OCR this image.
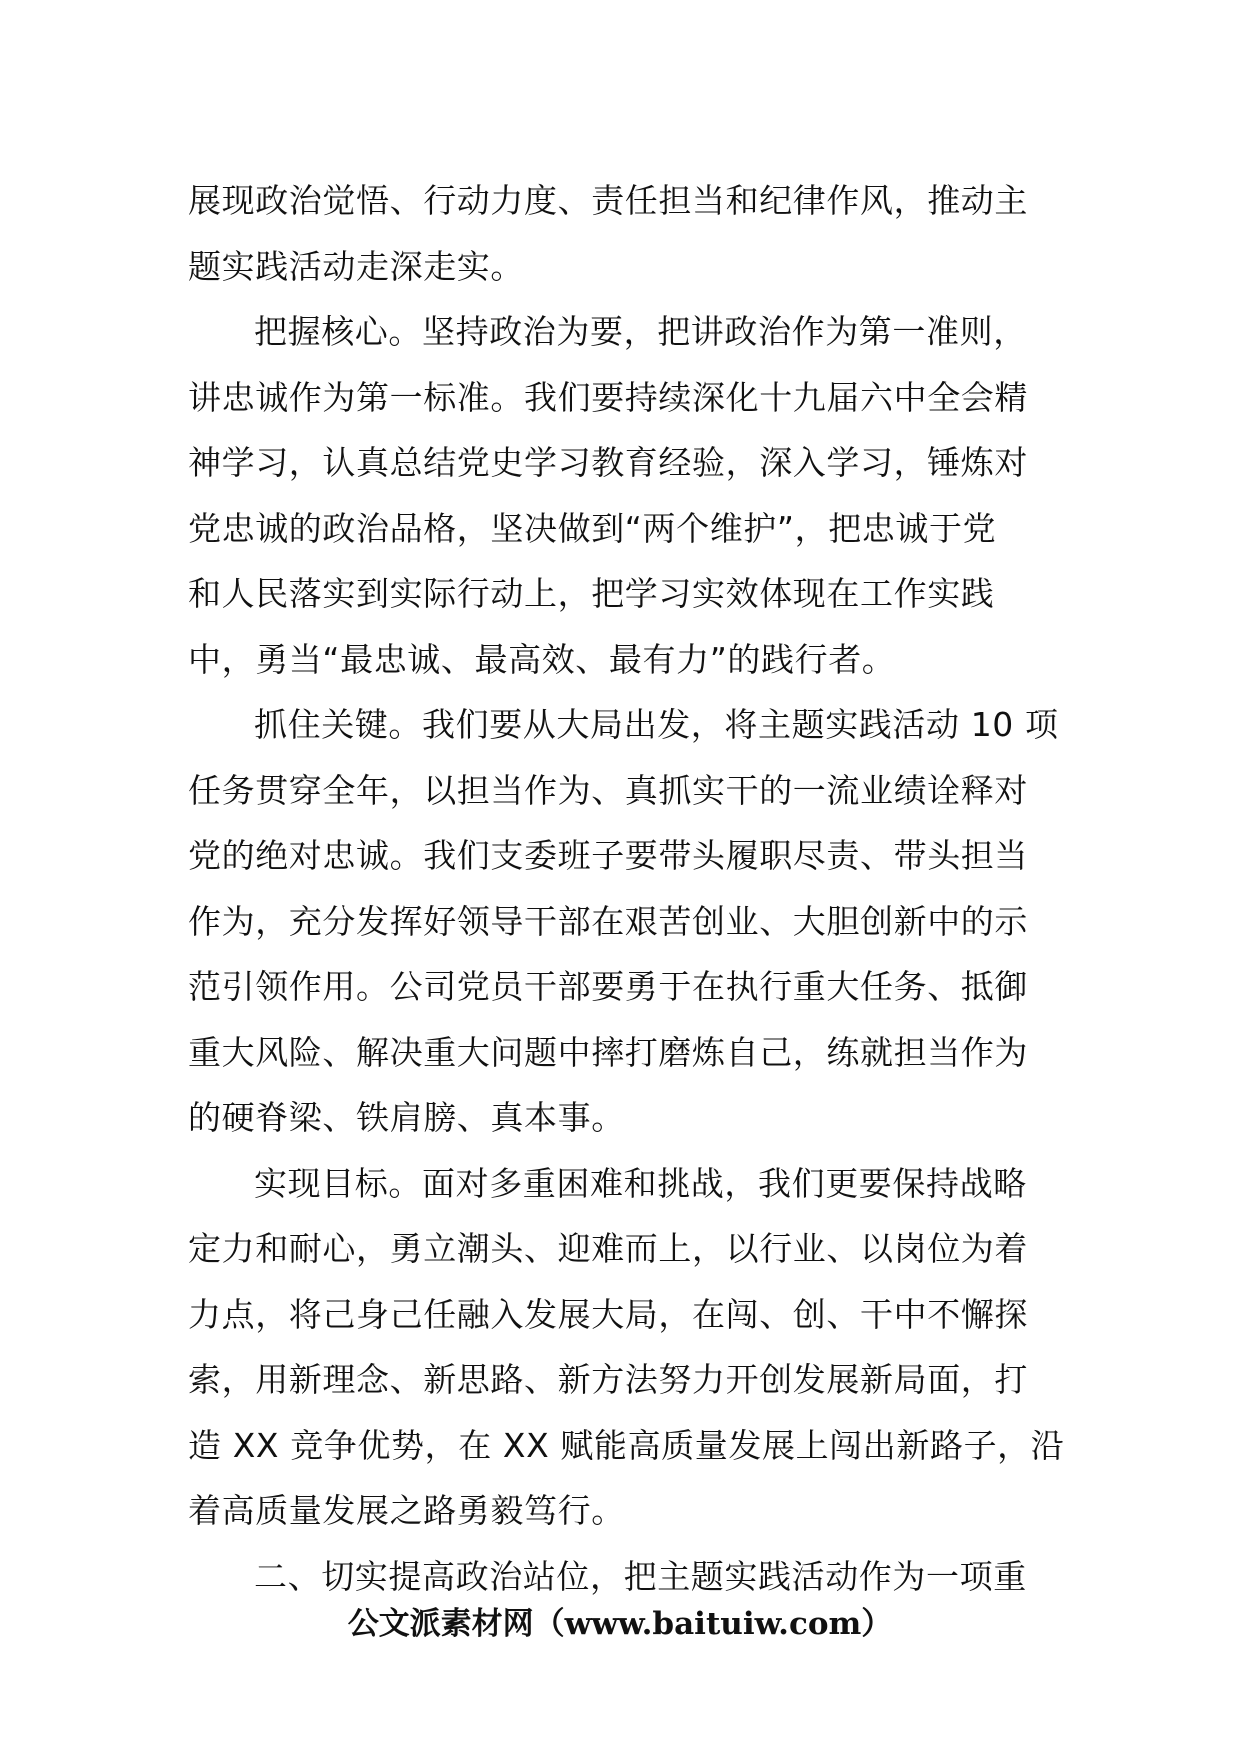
展现政治觉悟、行动力度、责任担当和纪律作风，推动主
题实践活动走深走实。
把握核心。坚持政治为要，把讲政治作为第一准则，
讲忠诚作为第一标准。我们要持续深化十九届六中全会精
神学习，认真总结党史学习教育经验，深入学习，锤炼对
党忠诚的政治品格，坚决做到“两个维护”，把忠诚于党
和人民落实到实际行动上，把学习实效体现在工作实践
中，勇当“最忠诚、最高效、最有力”的践行者。
抓住关键。我们要从大局出发，将主题实践活动 10 项
任务贯穿全年，以担当作为、真抓实干的一流业绩诠释对
党的绝对忠诚。我们支委班子要带头履职尽责、带头担当
作为，充分发挥好领导干部在艰苦创业、大胆创新中的示
范引领作用。公司党员干部要勇于在执行重大任务、抵御
重大风险、解决重大问题中摔打磨炼自己，练就担当作为
的硬脊梁、铁肩膀、真本事。
实现目标。面对多重困难和挑战，我们更要保持战略
定力和耐心，勇立潮头、迎难而上，以行业、以岗位为着
力点，将己身己任融入发展大局，在闯、创、干中不懈探
索，用新理念、新思路、新方法努力开创发展新局面，打
造 XX 竞争优势，在 XX 赋能高质量发展上闯出新路子，沿
着高质量发展之路勇毅笃行。
二、切实提高政治站位，把主题实践活动作为一项重
公文派素材网（www.baituiw.com）
